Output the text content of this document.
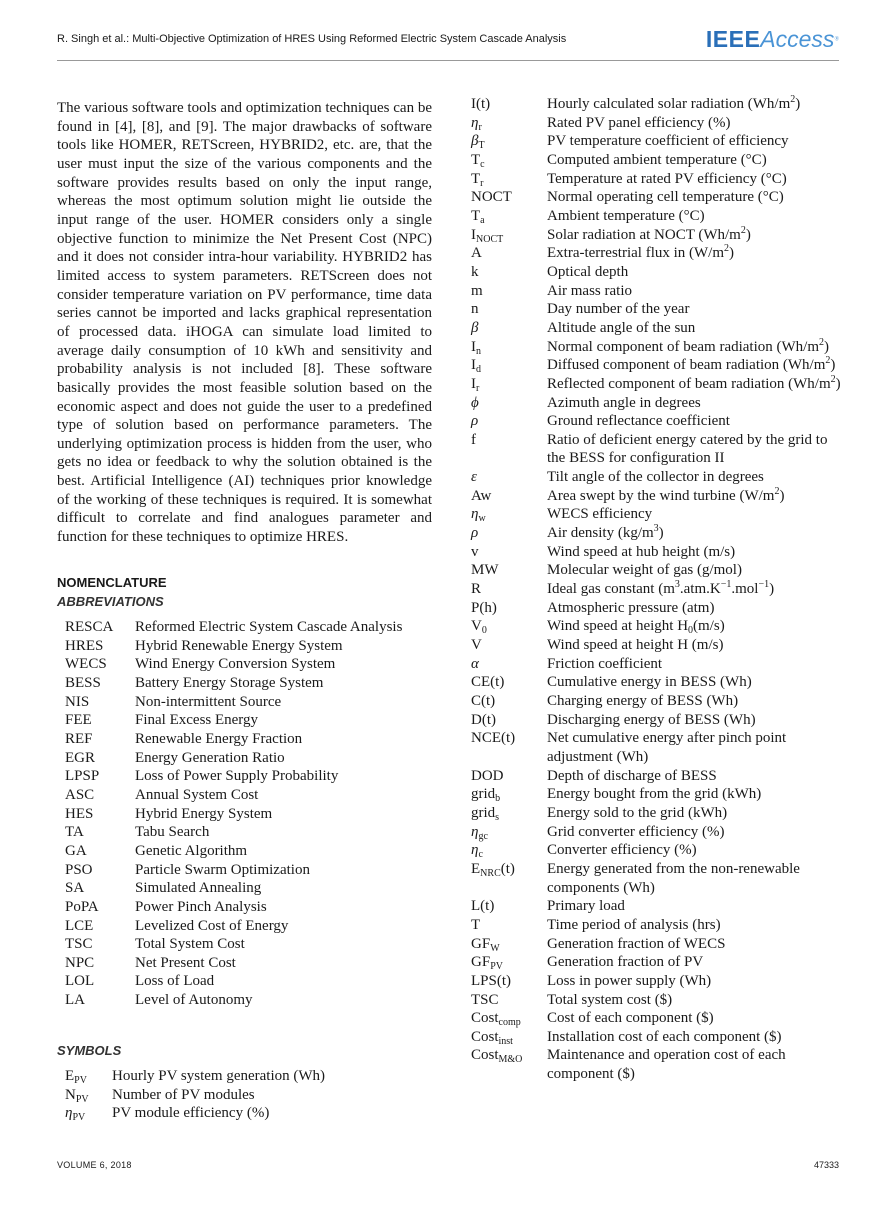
R. Singh et al.: Multi-Objective Optimization of HRES Using Reformed Electric System Cascade Analysis	IEEEAccess®

The various software tools and optimization techniques can be found in [4], [8], and [9]. The major drawbacks of software tools like HOMER, RETScreen, HYBRID2, etc. are, that the user must input the size of the various components and the software provides results based on only the input range, whereas the most optimum solution might lie outside the input range of the user. HOMER considers only a single objective function to minimize the Net Present Cost (NPC) and it does not consider intra-hour variability. HYBRID2 has limited access to system parameters. RETScreen does not consider temperature variation on PV performance, time data series cannot be imported and lacks graphical representation of processed data. iHOGA can simulate load limited to average daily consumption of 10 kWh and sensitivity and probability analysis is not included [8]. These software basically provides the most feasible solution based on the economic aspect and does not guide the user to a predefined type of solution based on performance parameters. The underlying optimization process is hidden from the user, who gets no idea or feedback to why the solution obtained is the best. Artificial Intelligence (AI) techniques prior knowledge of the working of these techniques is required. It is somewhat difficult to correlate and find analogues parameter and function for these techniques to optimize HRES.

NOMENCLATURE
ABBREVIATIONS
RESCA	Reformed Electric System Cascade Analysis
HRES	Hybrid Renewable Energy System
WECS	Wind Energy Conversion System
BESS	Battery Energy Storage System
NIS	Non-intermittent Source
FEE	Final Excess Energy
REF	Renewable Energy Fraction
EGR	Energy Generation Ratio
LPSP	Loss of Power Supply Probability
ASC	Annual System Cost
HES	Hybrid Energy System
TA	Tabu Search
GA	Genetic Algorithm
PSO	Particle Swarm Optimization
SA	Simulated Annealing
PoPA	Power Pinch Analysis
LCE	Levelized Cost of Energy
TSC	Total System Cost
NPC	Net Present Cost
LOL	Loss of Load
LA	Level of Autonomy
SYMBOLS
$E_{PV}$	Hourly PV system generation (Wh)
$N_{PV}$	Number of PV modules
$\eta_{PV}$	PV module efficiency (%)
I(t)	Hourly calculated solar radiation $(Wh/m^2)$
$\eta_r$	Rated PV panel efficiency (%)
$\beta_T$	PV temperature coefficient of efficiency
$T_c$	Computed ambient temperature (°C)
$T_r$	Temperature at rated PV efficiency (°C)
NOCT	Normal operating cell temperature (°C)
$T_a$	Ambient temperature (°C)
$I_{NOCT}$	Solar radiation at NOCT $(Wh/m^2)$
A	Extra-terrestrial flux in $(W/m^2)$
k	Optical depth
m	Air mass ratio
n	Day number of the year
β	Altitude angle of the sun
$I_n$	Normal component of beam radiation $(Wh/m^2)$
$I_d$	Diffused component of beam radiation $(Wh/m^2)$
$I_r$	Reflected component of beam radiation $(Wh/m^2)$
ϕ	Azimuth angle in degrees
ρ	Ground reflectance coefficient
f	Ratio of deficient energy catered by the grid to the BESS for configuration II
ε	Tilt angle of the collector in degrees
Aw	Area swept by the wind turbine $(W/m^2)$
$\eta_w$	WECS efficiency
ρ	Air density $(kg/m^3)$
v	Wind speed at hub height (m/s)
MW	Molecular weight of gas (g/mol)
R	Ideal gas constant $(m^3.atm.K^{-1}.mol^{-1})$
P(h)	Atmospheric pressure (atm)
$V_0$	Wind speed at height $H_0(m/s)$
V	Wind speed at height H (m/s)
α	Friction coefficient
CE(t)	Cumulative energy in BESS (Wh)
C(t)	Charging energy of BESS (Wh)
D(t)	Discharging energy of BESS (Wh)
NCE(t)	Net cumulative energy after pinch point adjustment (Wh)
DOD	Depth of discharge of BESS
grid$_b$	Energy bought from the grid (kWh)
grid$_s$	Energy sold to the grid (kWh)
$\eta_{gc}$	Grid converter efficiency (%)
$\eta_c$	Converter efficiency (%)
$E_{NRC}(t)$	Energy generated from the non-renewable components (Wh)
L(t)	Primary load
T	Time period of analysis (hrs)
$GF_W$	Generation fraction of WECS
$GF_{PV}$	Generation fraction of PV
LPS(t)	Loss in power supply (Wh)
TSC	Total system cost ($)
Cost$_{comp}$	Cost of each component ($)
Cost$_{inst}$	Installation cost of each component ($)
Cost$_{M\&O}$	Maintenance and operation cost of each component ($)
VOLUME 6, 2018	47333
